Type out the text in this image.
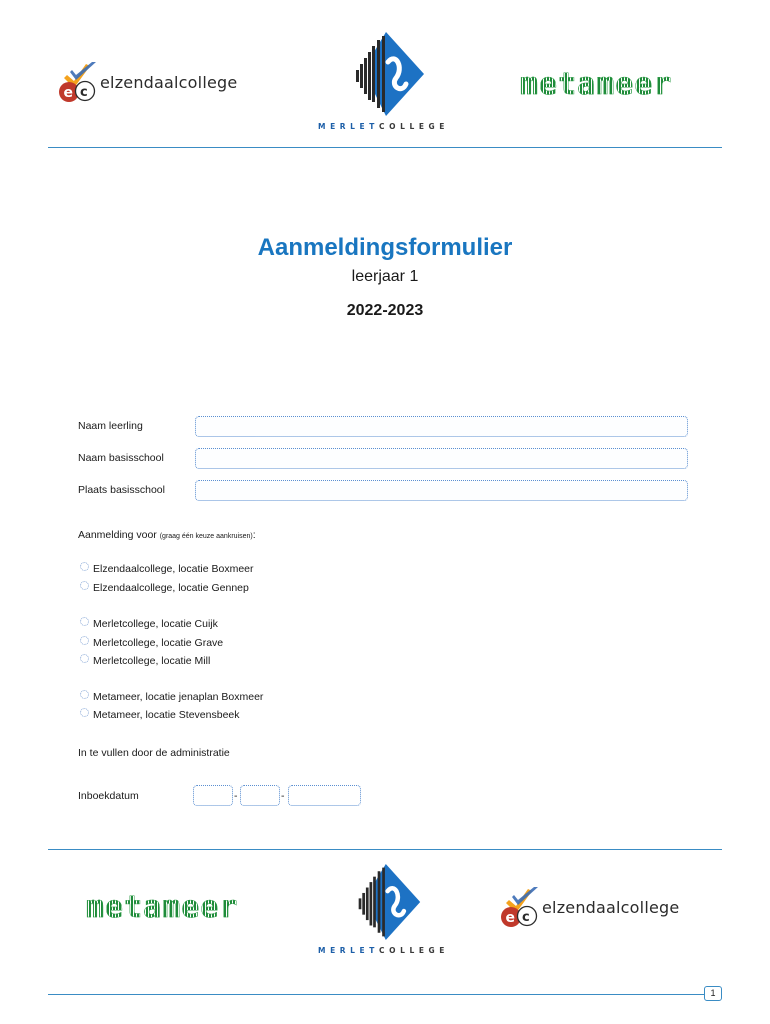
e c
elzendaalcollege
MERLETCOLLEGE
metameer
Aanmeldingsformulier
leerjaar 1
2022-2023
Naam leerling
Naam basisschool
Plaats basisschool
Aanmelding voor (graag één keuze aankruisen):
Elzendaalcollege, locatie Boxmeer
Elzendaalcollege, locatie Gennep
Merletcollege, locatie Cuijk
Merletcollege, locatie Grave
Merletcollege, locatie Mill
Metameer, locatie jenaplan Boxmeer
Metameer, locatie Stevensbeek
In te vullen door de administratie
Inboekdatum	-	-
metameer
MERLETCOLLEGE
e c
elzendaalcollege
1
